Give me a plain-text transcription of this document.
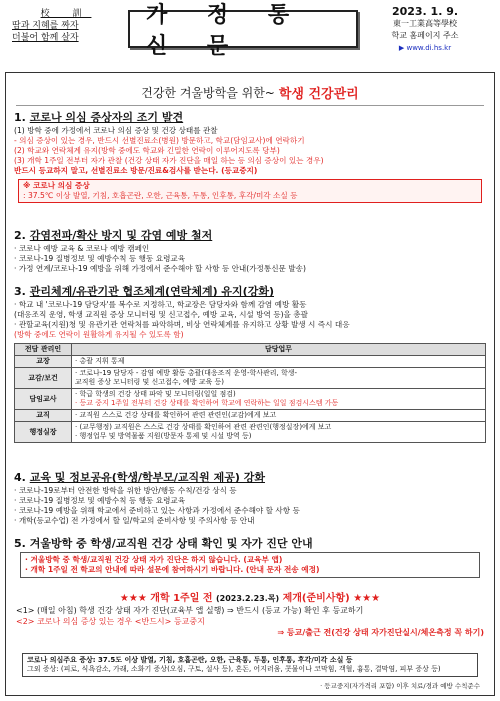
校 訓
땀과 지혜를 짜자
더불어 함께 살자
가 정 통 신 문
2023. 1. 9.
東一工業高等學校
학교 홈페이지 주소
▶ www.di.hs.kr
건강한 겨울방학을 위한~ 학생 건강관리
1. 코로나 의심 증상자의 조기 발견
(1) 방학 중에 가정에서 코로나 의심 증상 및 건강 상태를 관찰
- 의심 증상이 있는 경우, 반드시 선별진료소(병원) 방문하고, 학교(담임교사)에 연락하기
(2) 학교와 연락체계 유지(방학 중에도 학교와 긴밀한 연락이 이루어지도록 당부)
(3) 개학 1주일 전부터 자가 관찰 (건강 상태 자가 진단을 매일 하는 등 의심 증상이 있는 경우)
반드시 등교하지 말고, 선별진료소 방문/진료&검사를 받는다. (등교중지)
※ 코로나 의심 증상
: 37.5℃ 이상 발열, 기침, 호흡곤란, 오한, 근육통, 두통, 인후통, 후각/미각 소실 등
2. 감염전파/확산 방지 및 감염 예방 철저
· 코로나 예방 교육 & 코로나 예방 캠페인
· 코로나-19 질병정보 및 예방수칙 등 행동 요령교육
· 가정 연계/코로나-19 예방을 위해 가정에서 준수해야 할 사항 등 안내(가정통신문 발송)
3. 관리체계/유관기관 협조체계(연락체계) 유지(강화)
· 학교 내 '코로나-19 담당자'를 복수로 지정하고, 학교장은 담당자와 함께 감염 예방 활동
(대응조직 운영, 학생 교직원 증상 모니터링 및 신고접수, 예방 교육, 시설 방역 등)을 총괄
· 관할교육(지원)청 및 유관기관 연락처를 파악하며, 비상 연락체계를 유지하고 상황 발생 시 즉시 대응
(방학 중에도 연락이 원활하게 유지될 수 있도록 함)
전담 관리인	담당업무
교장	· 총괄 지휘 통제

교감/보건	· 코로나-19 담당자 - 감염 예방 활동 총괄(대응조직 운영-학사관리, 학생-
교직원 증상 모니터링 및 신고접수, 예방 교육 등)

담임교사	· 학급 학생의 건강 상태 파악 및 모니터링(일일 점검)
· 등교 중지 1주일 전부터 건강 상태를 확인하여 학교에 연락하는 일일 점검시스템 가동

교직	· 교직원 스스로 건강 상태를 확인하여 관련 관련인(교감)에게 보고

행정실장	· (교무행정) 교직원은 스스로 건강 상태를 확인하여 관련 관련인(행정실장)에게 보고
· 행정업무 및 방역물품 지원(방문자 통제 및 시설 방역 등)
4. 교육 및 정보공유(학생/학부모/교직원 제공) 강화
· 코로나-19로부터 안전한 방학을 위한 방안/행동 수칙/건강 상식 등
· 코로나-19 질병정보 및 예방수칙 등 행동 요령교육
· 코로나-19 예방을 위해 학교에서 준비하고 있는 사항과 가정에서 준수해야 할 사항 등
· 개학(등교수업) 전 가정에서 할 일/학교의 준비사항 및 주의사항 등 안내
5. 겨울방학 중 학생/교직원 건강 상태 확인 및 자가 진단 안내
· 겨울방학 중 학생/교직원 건강 상태 자가 진단은 하지 않습니다. (교육부 앱)
· 개학 1주일 전 학교의 안내에 따라 설문에 참여하시기 바랍니다. (안내 문자 전송 예정)
★★★ 개학 1주일 전 (2023.2.23.목) 제개(준비사항) ★★★
<1> (매일 아침) 학생 건강 상태 자가 진단(교육부 앱 실행) ⇒ 반드시 (등교 가능) 확인 후 등교하기
<2> 코로나 의심 증상 있는 경우 <반드시> 등교중지
⇒ 등교/출근 전(건강 상태 자가진단실시/체온측정 꼭 하기)
코로나 의심주요 증상: 37.5도 이상 발열, 기침, 호흡곤란, 오한, 근육통, 두통, 인후통, 후각/미각 소실 등
그외 증상: (피로, 식욕감소, 가래, 소화기 증상(오심, 구토, 설사 등), 혼돈, 어지러움, 콧물이나 코막힘, 객혈, 흉통, 결막염, 피부 증상 등)
· 등교중지(자가격리 포함) 이후 치료/경과 예방 수칙준수
